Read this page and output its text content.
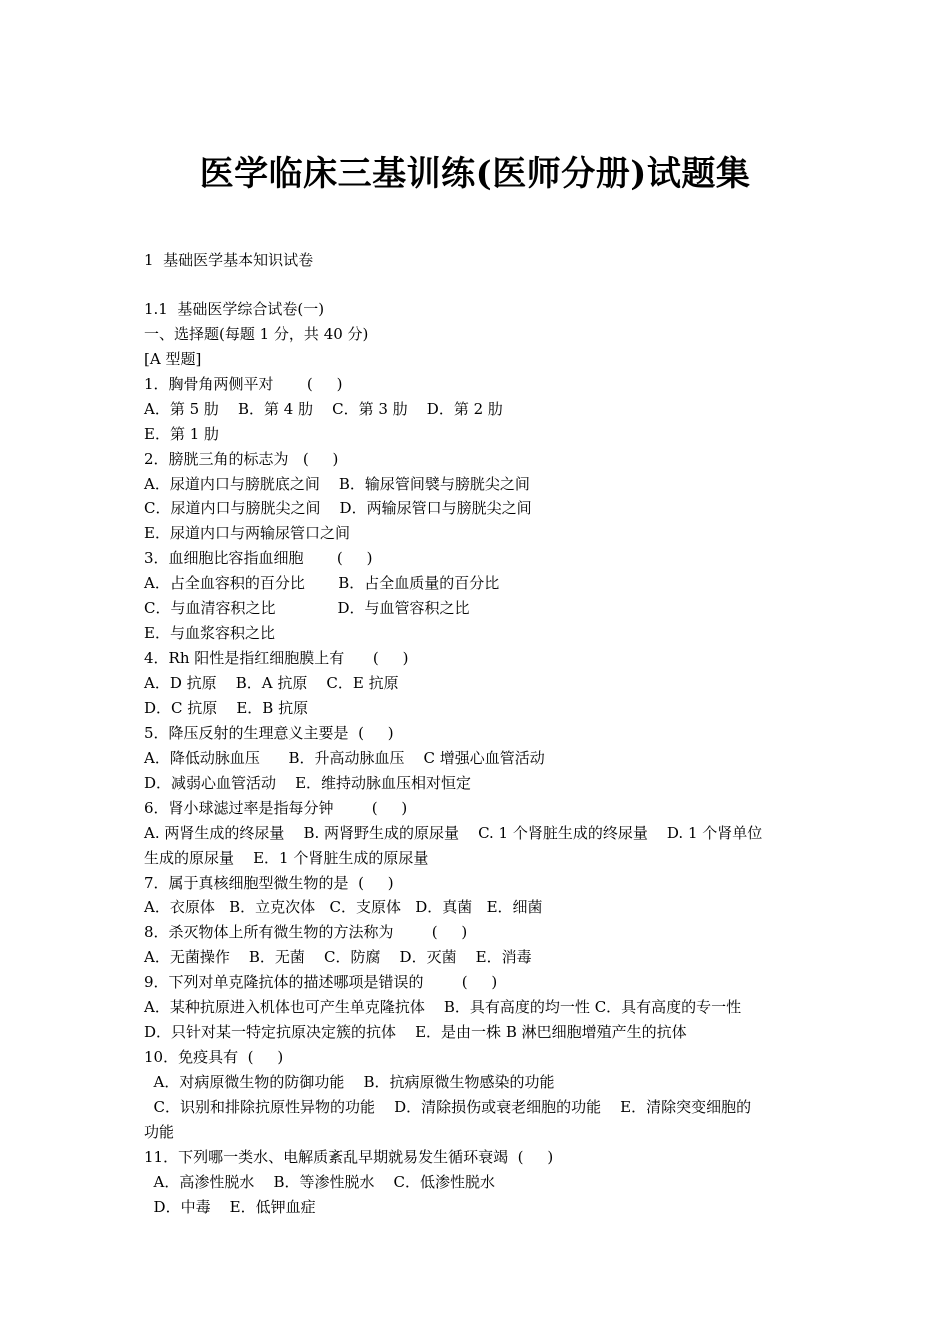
医学临床三基训练(医师分册)试题集
1  基础医学基本知识试卷
1.1  基础医学综合试卷(一)
一、选择题(每题 1 分，共 40 分)
[A 型题]
1．胸骨角两侧平对       (     )
A．第 5 肋    B．第 4 肋    C．第 3 肋    D．第 2 肋
E．第 1 肋
2．膀胱三角的标志为   (     )
A．尿道内口与膀胱底之间    B．输尿管间襞与膀胱尖之间
C．尿道内口与膀胱尖之间    D．两输尿管口与膀胱尖之间
E．尿道内口与两输尿管口之间
3．血细胞比容指血细胞       (     )
A．占全血容积的百分比       B．占全血质量的百分比
C．与血清容积之比             D．与血管容积之比
E．与血浆容积之比
4．Rh 阳性是指红细胞膜上有      (     )
A．D 抗原    B．A 抗原    C．E 抗原
D．C 抗原    E．B 抗原
5．降压反射的生理意义主要是  (     )
A．降低动脉血压      B．升高动脉血压    C 增强心血管活动
D．减弱心血管活动    E．维持动脉血压相对恒定
6．肾小球滤过率是指每分钟        (     )
A. 两肾生成的终尿量    B. 两肾野生成的原尿量    C. 1 个肾脏生成的终尿量    D. 1 个肾单位
生成的原尿量    E．1 个肾脏生成的原尿量
7．属于真核细胞型微生物的是  (     )
A．衣原体   B．立克次体   C．支原体   D．真菌   E．细菌
8．杀灭物体上所有微生物的方法称为        (     )
A．无菌操作    B．无菌    C．防腐    D．灭菌    E．消毒
9．下列对单克隆抗体的描述哪项是错误的        (     )
A．某种抗原进入机体也可产生单克隆抗体    B．具有高度的均一性 C．具有高度的专一性
D．只针对某一特定抗原决定簇的抗体    E．是由一株 B 淋巴细胞增殖产生的抗体
10．免疫具有  (     )
A．对病原微生物的防御功能    B．抗病原微生物感染的功能
C．识别和排除抗原性异物的功能    D．清除损伤或衰老细胞的功能    E．清除突变细胞的
功能
11．下列哪一类水、电解质紊乱早期就易发生循环衰竭  (     )
A．高渗性脱水    B．等渗性脱水    C．低渗性脱水
D．中毒    E．低钾血症
